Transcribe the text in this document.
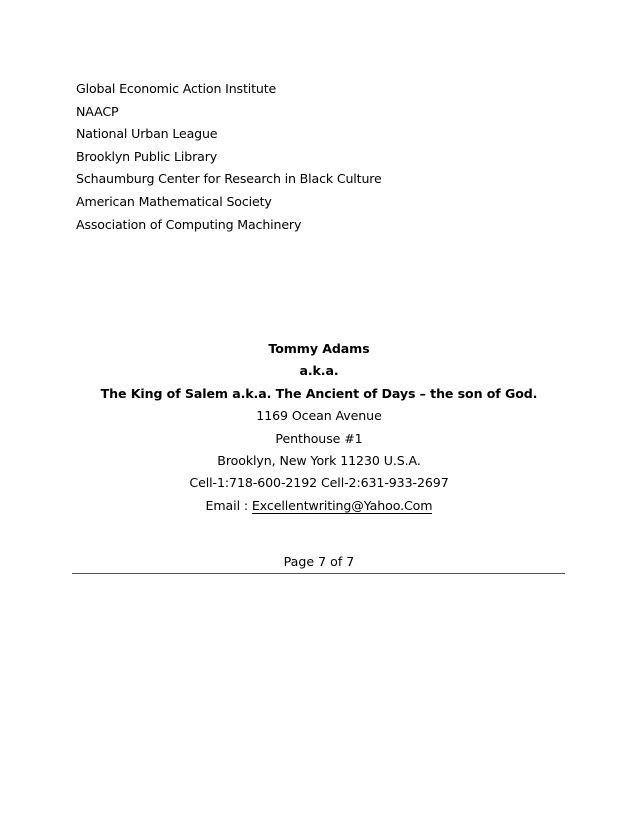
Global Economic Action Institute
NAACP
National Urban League
Brooklyn Public Library
Schaumburg Center for Research in Black Culture
American Mathematical Society
Association of Computing Machinery
Tommy Adams
a.k.a.
The King of Salem a.k.a. The Ancient of Days – the son of God.
1169 Ocean Avenue
Penthouse #1
Brooklyn, New York 11230 U.S.A.
Cell-1:718-600-2192 Cell-2:631-933-2697
Email : Excellentwriting@Yahoo.Com
Page 7 of 7
